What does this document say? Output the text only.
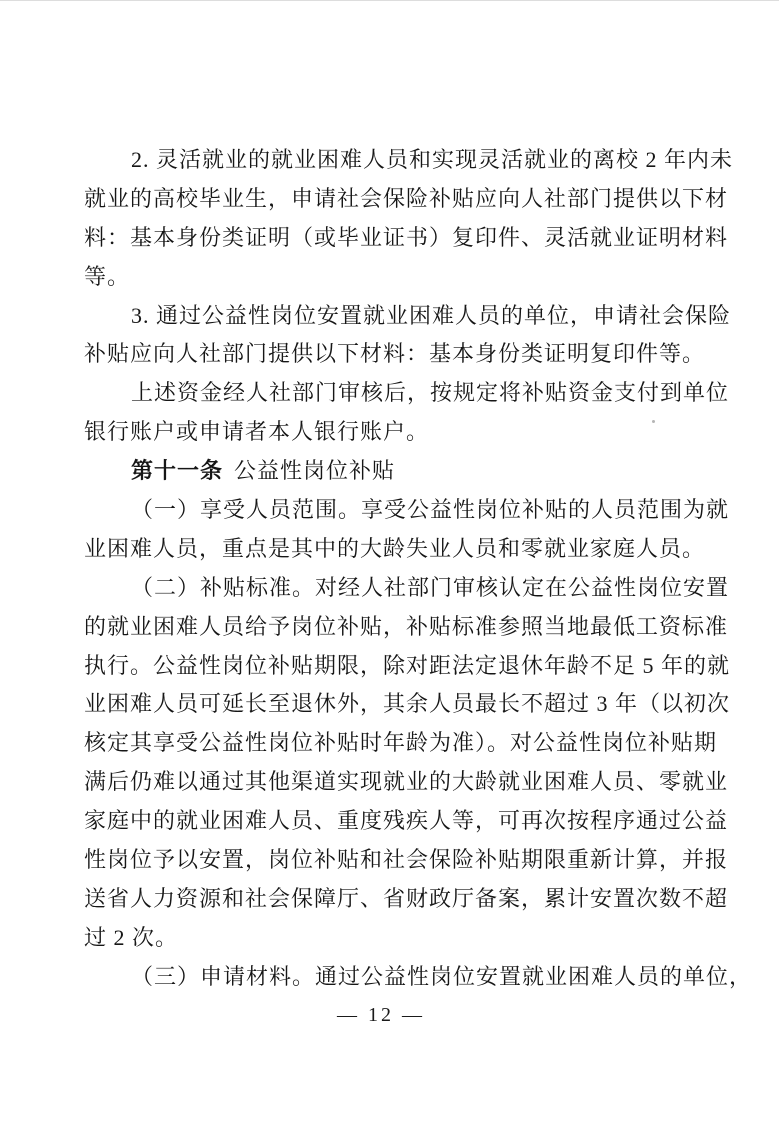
2. 灵活就业的就业困难人员和实现灵活就业的离校 2 年内未
就业的高校毕业生，申请社会保险补贴应向人社部门提供以下材
料：基本身份类证明（或毕业证书）复印件、灵活就业证明材料
等。
3. 通过公益性岗位安置就业困难人员的单位，申请社会保险
补贴应向人社部门提供以下材料：基本身份类证明复印件等。
上述资金经人社部门审核后，按规定将补贴资金支付到单位
银行账户或申请者本人银行账户。
第十一条 公益性岗位补贴
（一）享受人员范围。享受公益性岗位补贴的人员范围为就
业困难人员，重点是其中的大龄失业人员和零就业家庭人员。
（二）补贴标准。对经人社部门审核认定在公益性岗位安置
的就业困难人员给予岗位补贴，补贴标准参照当地最低工资标准
执行。公益性岗位补贴期限，除对距法定退休年龄不足 5 年的就
业困难人员可延长至退休外，其余人员最长不超过 3 年（以初次
核定其享受公益性岗位补贴时年龄为准）。对公益性岗位补贴期
满后仍难以通过其他渠道实现就业的大龄就业困难人员、零就业
家庭中的就业困难人员、重度残疾人等，可再次按程序通过公益
性岗位予以安置，岗位补贴和社会保险补贴期限重新计算，并报
送省人力资源和社会保障厅、省财政厅备案，累计安置次数不超
过 2 次。
（三）申请材料。通过公益性岗位安置就业困难人员的单位，
— 12 —
